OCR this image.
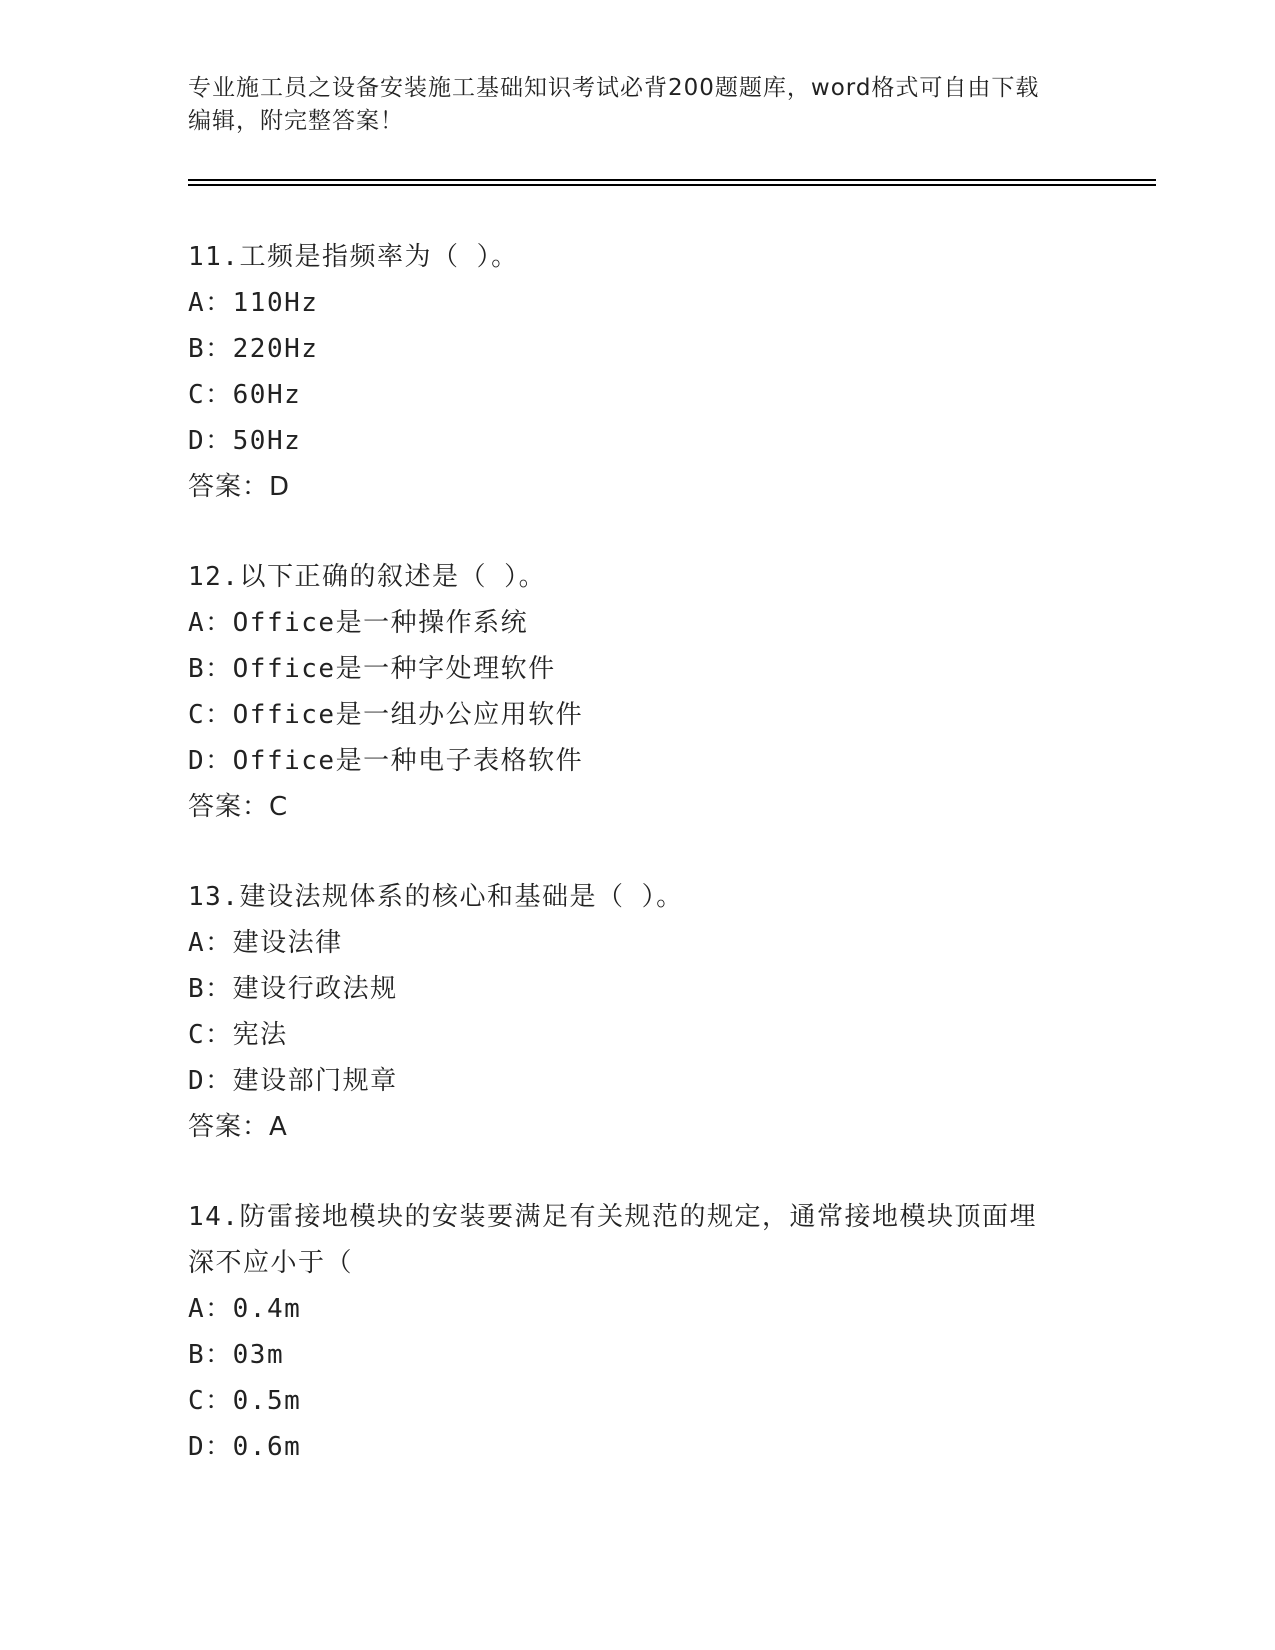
专业施工员之设备安装施工基础知识考试必背200题题库，word格式可自由下载
编辑，附完整答案！
11.工频是指频率为（ ）。
A：110Hz
B：220Hz
C：60Hz
D：50Hz
答案：D
12.以下正确的叙述是（ ）。
A：Office是一种操作系统
B：Office是一种字处理软件
C：Office是一组办公应用软件
D：Office是一种电子表格软件
答案：C
13.建设法规体系的核心和基础是（ ）。
A：建设法律
B：建设行政法规
C：宪法
D：建设部门规章
答案：A
14.防雷接地模块的安装要满足有关规范的规定，通常接地模块顶面埋
深不应小于（
A：0.4m
B：03m
C：0.5m
D：0.6m
